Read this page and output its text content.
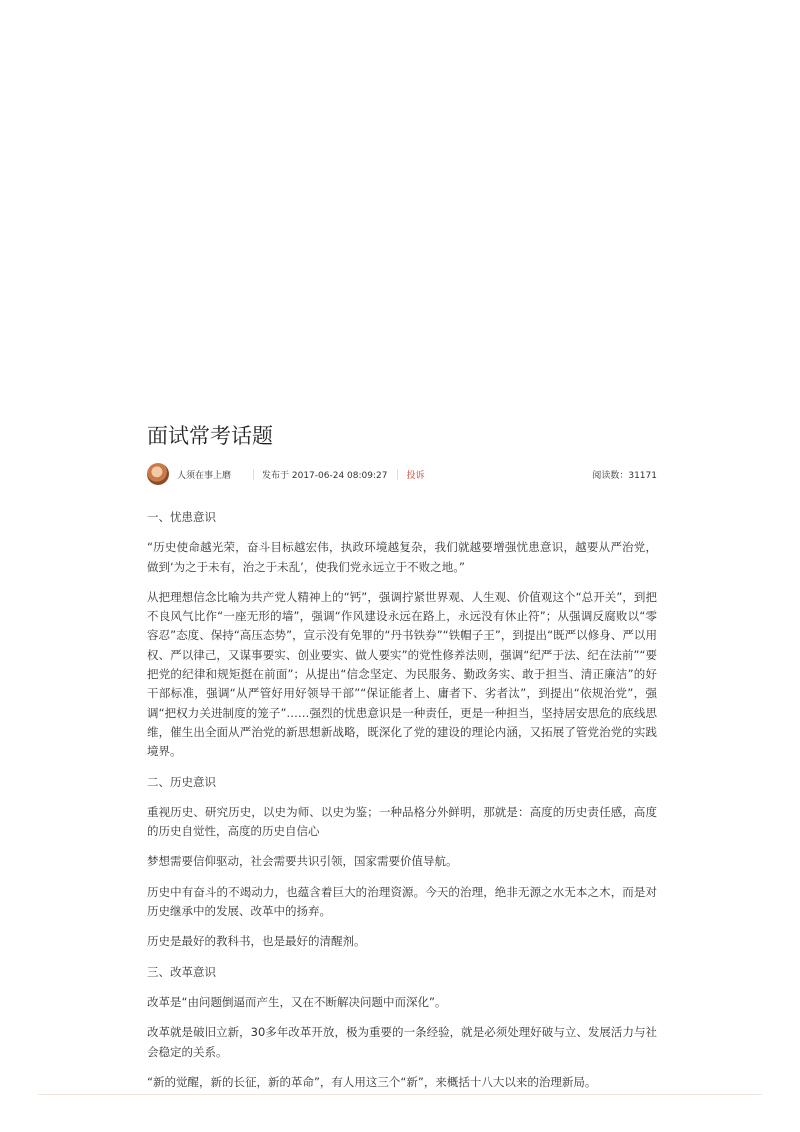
面试常考话题
人须在事上磨	发布于 2017-06-24 08:09:27 投诉	阅读数：31171

一、忧患意识

“历史使命越光荣，奋斗目标越宏伟，执政环境越复杂，我们就越要增强忧患意识，越要从严治党，做到‘为之于未有，治之于未乱’，使我们党永远立于不败之地。”

从把理想信念比喻为共产党人精神上的“钙”，强调拧紧世界观、人生观、价值观这个“总开关”，到把不良风气比作“一座无形的墙”，强调“作风建设永远在路上，永远没有休止符”；从强调反腐败以“零容忍”态度、保持“高压态势”，宣示没有免罪的“丹书铁券”“铁帽子王”，到提出“既严以修身、严以用权、严以律己，又谋事要实、创业要实、做人要实”的党性修养法则，强调“纪严于法、纪在法前”“要把党的纪律和规矩挺在前面”；从提出“信念坚定、为民服务、勤政务实、敢于担当、清正廉洁”的好干部标准，强调“从严管好用好领导干部”“保证能者上、庸者下、劣者汰”，到提出“依规治党”，强调“把权力关进制度的笼子”……强烈的忧患意识是一种责任，更是一种担当，坚持居安思危的底线思维，催生出全面从严治党的新思想新战略，既深化了党的建设的理论内涵，又拓展了管党治党的实践境界。

二、历史意识

重视历史、研究历史，以史为师、以史为鉴；一种品格分外鲜明，那就是：高度的历史责任感，高度的历史自觉性，高度的历史自信心

梦想需要信仰驱动，社会需要共识引领，国家需要价值导航。

历史中有奋斗的不竭动力，也蕴含着巨大的治理资源。今天的治理，绝非无源之水无本之木，而是对历史继承中的发展、改革中的扬弃。

历史是最好的教科书，也是最好的清醒剂。

三、改革意识

改革是“由问题倒逼而产生，又在不断解决问题中而深化”。

改革就是破旧立新，30多年改革开放，极为重要的一条经验，就是必须处理好破与立、发展活力与社会稳定的关系。

“新的觉醒，新的长征，新的革命”，有人用这三个“新”，来概括十八大以来的治理新局。
